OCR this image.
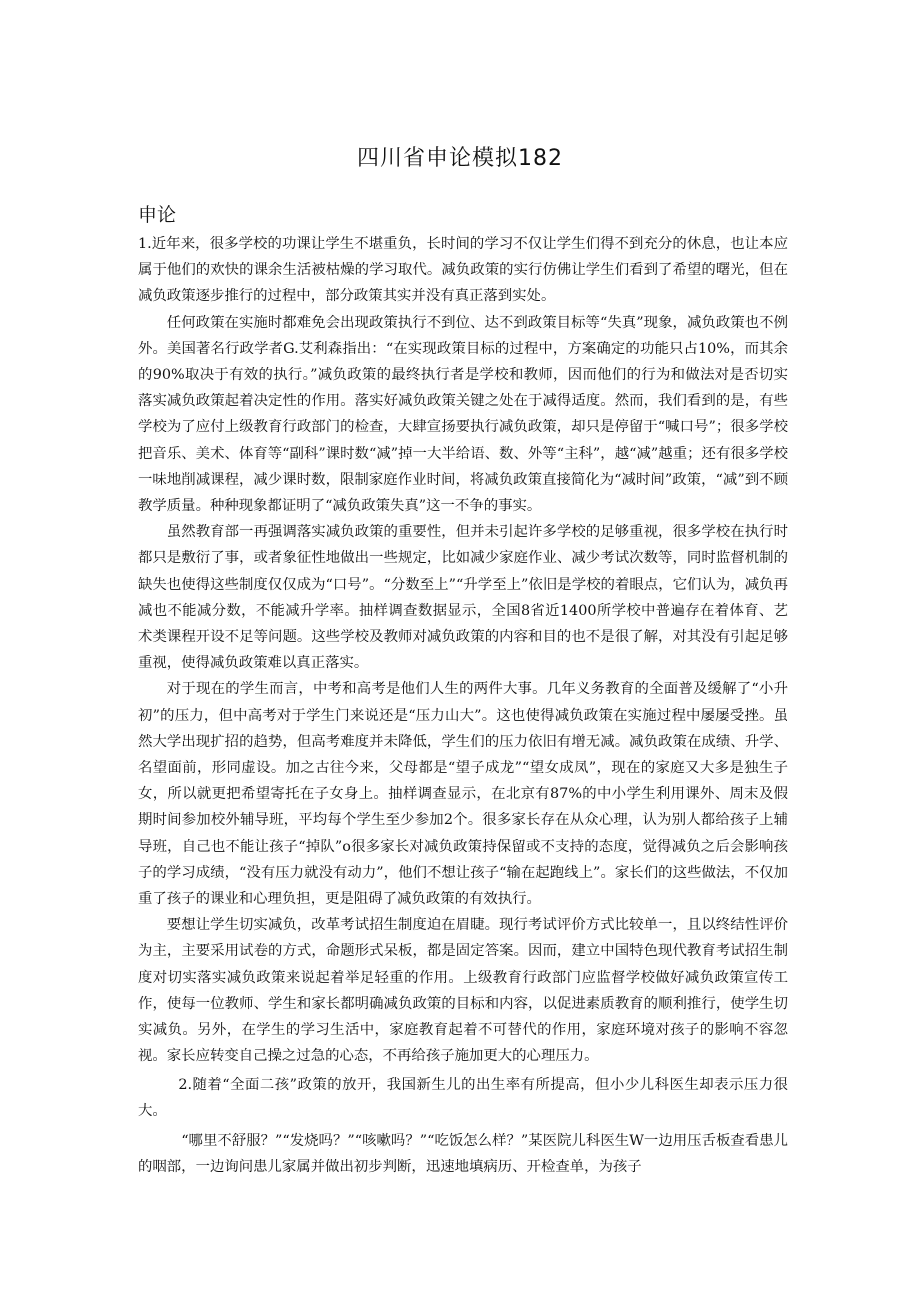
四川省申论模拟182
申论

1.近年来，很多学校的功课让学生不堪重负，长时间的学习不仅让学生们得不到充分的休息，也让本应属于他们的欢快的课余生活被枯燥的学习取代。减负政策的实行仿佛让学生们看到了希望的曙光，但在减负政策逐步推行的过程中，部分政策其实并没有真正落到实处。

任何政策在实施时都难免会出现政策执行不到位、达不到政策目标等“失真”现象，减负政策也不例外。美国著名行政学者G.艾利森指出：“在实现政策目标的过程中，方案确定的功能只占10%，而其余的90%取决于有效的执行。”减负政策的最终执行者是学校和教师，因而他们的行为和做法对是否切实落实减负政策起着决定性的作用。落实好减负政策关键之处在于减得适度。然而，我们看到的是，有些学校为了应付上级教育行政部门的检查，大肆宣扬要执行减负政策，却只是停留于“喊口号”；很多学校把音乐、美术、体育等“副科”课时数“减”掉一大半给语、数、外等“主科”，越“减”越重；还有很多学校一味地削减课程，减少课时数，限制家庭作业时间，将减负政策直接简化为“减时间”政策，“减”到不顾教学质量。种种现象都证明了“减负政策失真”这一不争的事实。

虽然教育部一再强调落实减负政策的重要性，但并未引起许多学校的足够重视，很多学校在执行时都只是敷衍了事，或者象征性地做出一些规定，比如减少家庭作业、减少考试次数等，同时监督机制的缺失也使得这些制度仅仅成为“口号”。“分数至上”“升学至上”依旧是学校的着眼点，它们认为，减负再减也不能减分数，不能减升学率。抽样调查数据显示，全国8省近1400所学校中普遍存在着体育、艺术类课程开设不足等问题。这些学校及教师对减负政策的内容和目的也不是很了解，对其没有引起足够重视，使得减负政策难以真正落实。

对于现在的学生而言，中考和高考是他们人生的两件大事。几年义务教育的全面普及缓解了“小升初”的压力，但中高考对于学生门来说还是“压力山大”。这也使得减负政策在实施过程中屡屡受挫。虽然大学出现扩招的趋势，但高考难度并未降低，学生们的压力依旧有增无减。减负政策在成绩、升学、名望面前，形同虚设。加之古往今来，父母都是“望子成龙”“望女成凤”，现在的家庭又大多是独生子女，所以就更把希望寄托在子女身上。抽样调查显示，在北京有87%的中小学生利用课外、周末及假期时间参加校外辅导班，平均每个学生至少参加2个。很多家长存在从众心理，认为别人都给孩子上辅导班，自己也不能让孩子“掉队”o很多家长对减负政策持保留或不支持的态度，觉得减负之后会影响孩子的学习成绩，“没有压力就没有动力”，他们不想让孩子“输在起跑线上”。家长们的这些做法，不仅加重了孩子的课业和心理负担，更是阻碍了减负政策的有效执行。

要想让学生切实减负，改革考试招生制度迫在眉睫。现行考试评价方式比较单一，且以终结性评价为主，主要采用试卷的方式，命题形式呆板，都是固定答案。因而，建立中国特色现代教育考试招生制度对切实落实减负政策来说起着举足轻重的作用。上级教育行政部门应监督学校做好减负政策宣传工作，使每一位教师、学生和家长都明确减负政策的目标和内容，以促进素质教育的顺利推行，使学生切实减负。另外，在学生的学习生活中，家庭教育起着不可替代的作用，家庭环境对孩子的影响不容忽视。家长应转变自己操之过急的心态，不再给孩子施加更大的心理压力。

2.随着“全面二孩”政策的放开，我国新生儿的出生率有所提高，但小少儿科医生却表示压力很大。

“哪里不舒服？”“发烧吗？”“咳嗽吗？”“吃饭怎么样？”某医院儿科医生W一边用压舌板查看患儿的咽部，一边询问患儿家属并做出初步判断，迅速地填病历、开检查单，为孩子
